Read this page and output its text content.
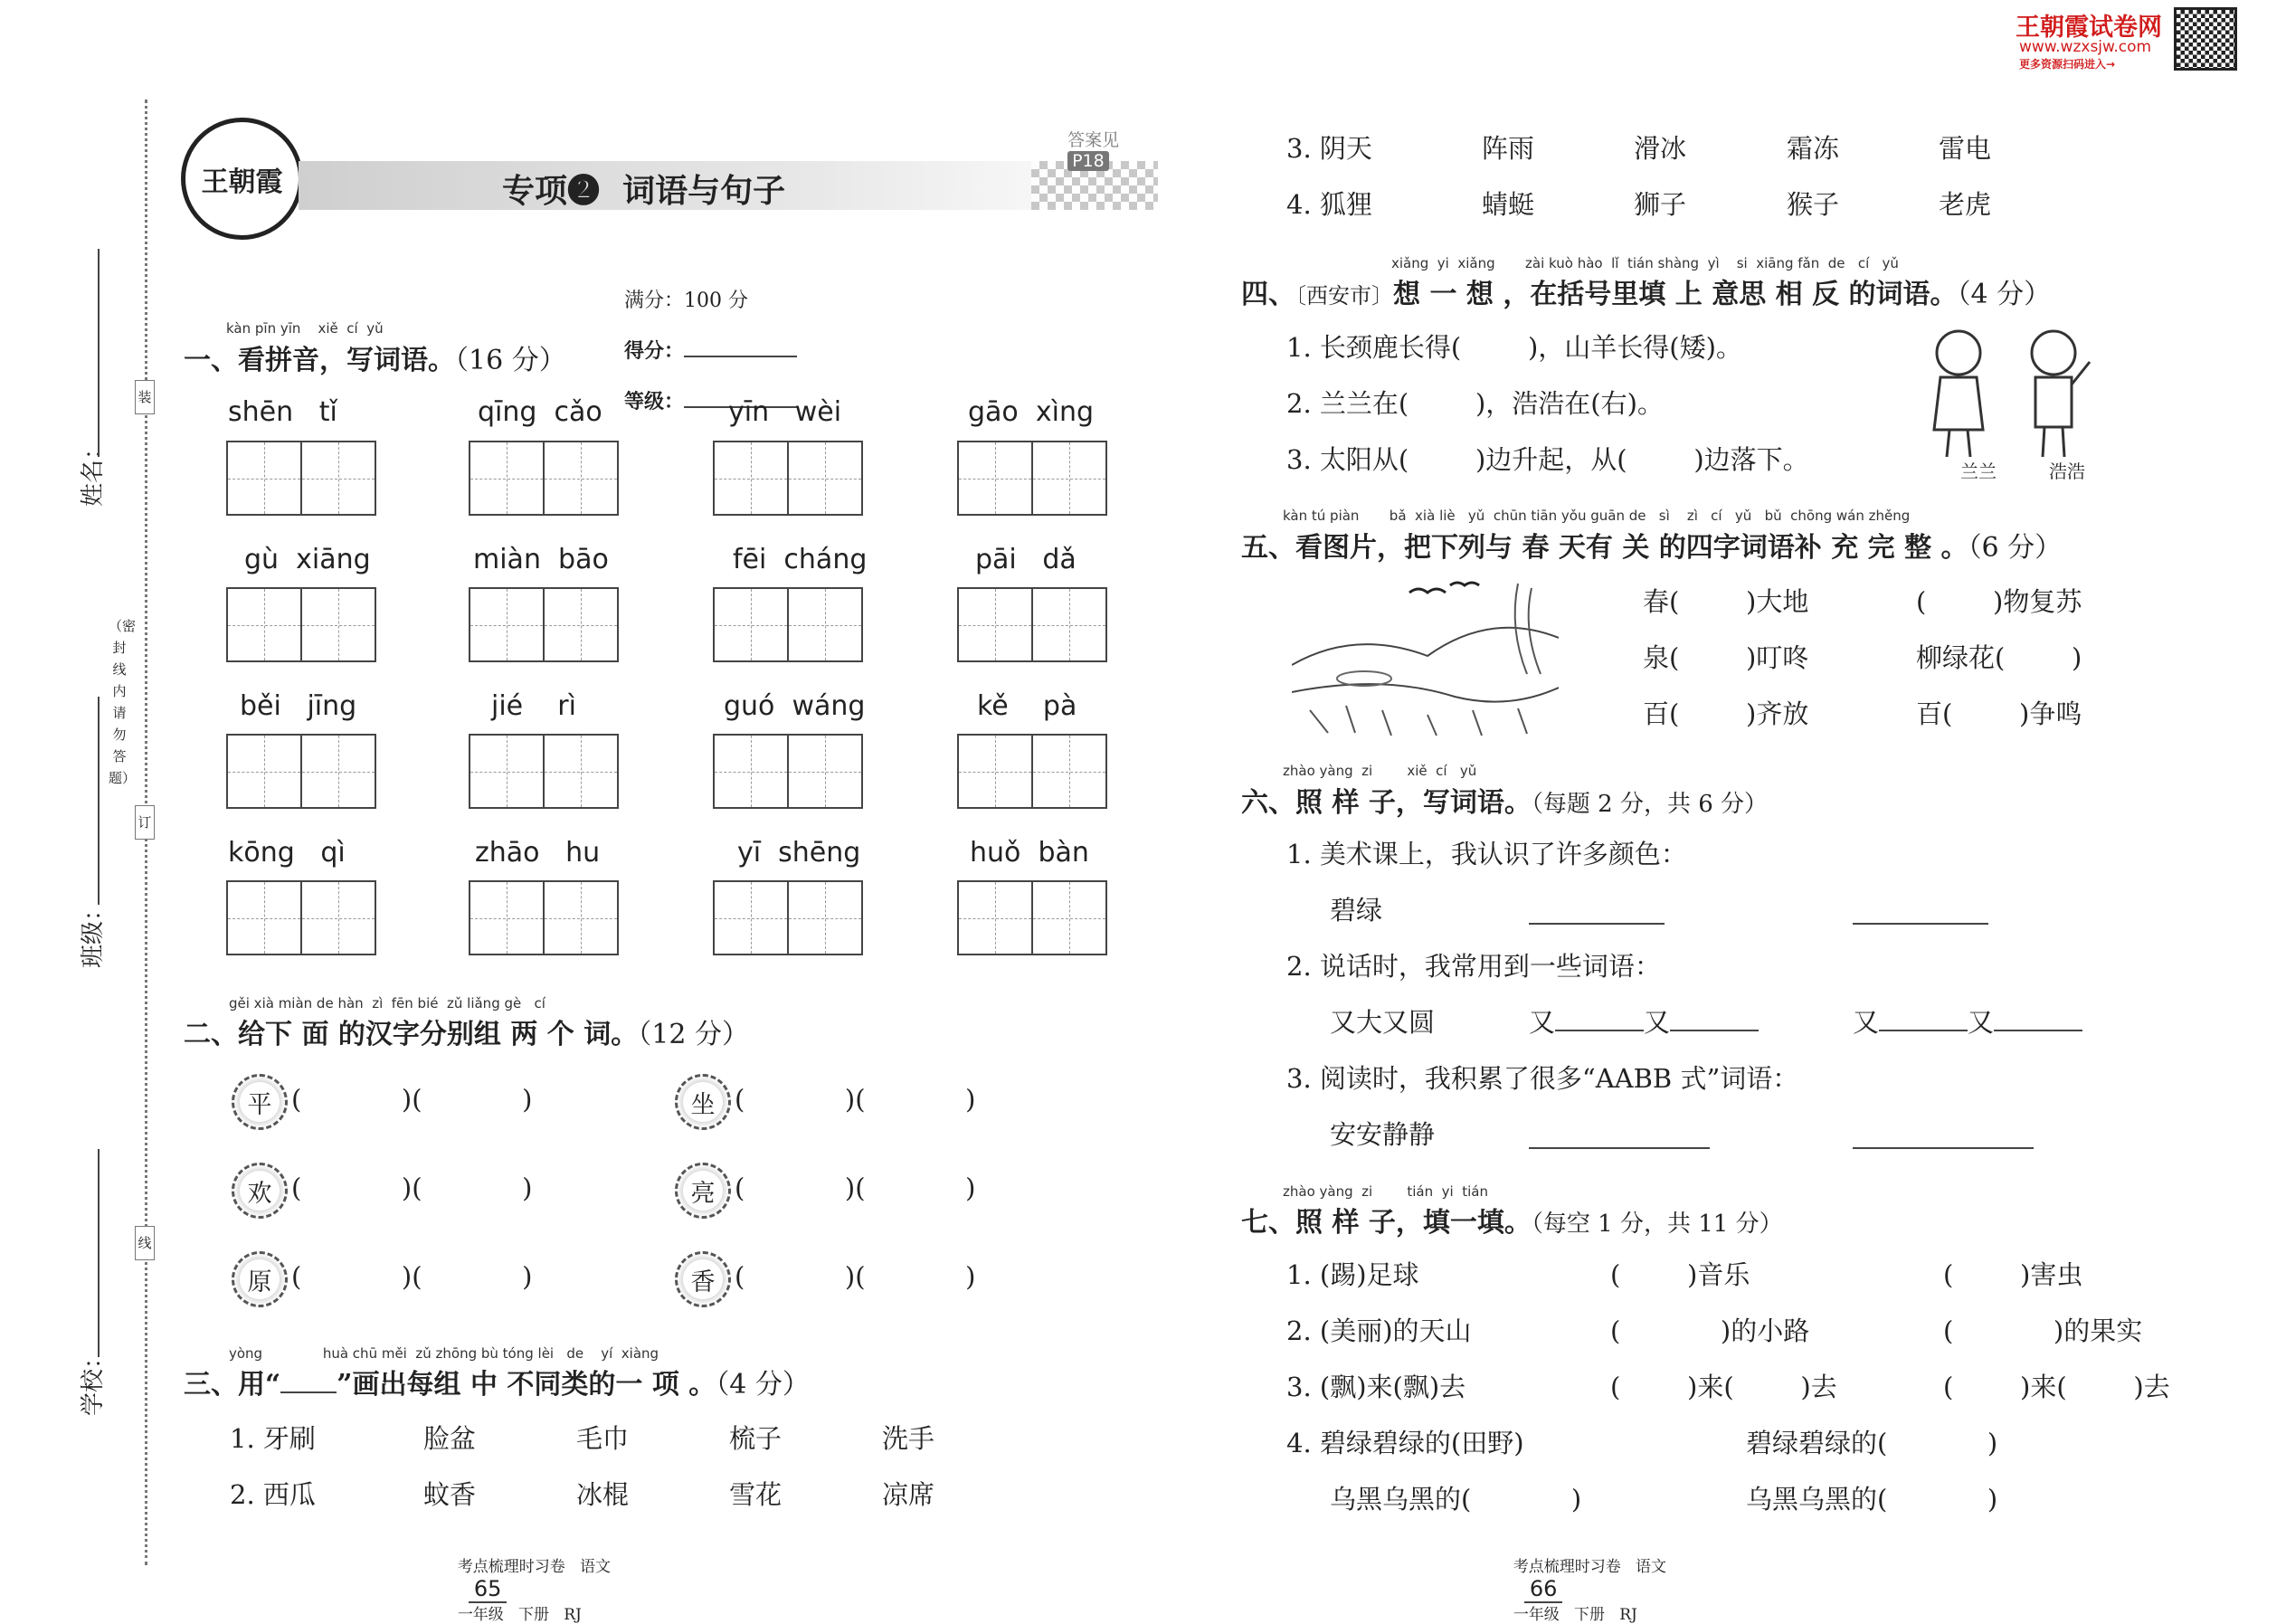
装
订
线
（密封线内请勿答题）
姓名：
班级：
学校：
王朝霞	专项❷  词语与句子

答案见
P18

满分：100 分

得分：

等级：

kàn pīn yīn    xiě  cí  yǔ
一、看拼音，写词语。（16 分）
shēn   tǐ	qīng  cǎo	yīn   wèi	gāo  xìng
gù  xiāng	miàn  bāo	fēi  cháng	pāi   dǎ
běi   jīng	jié    rì	guó  wáng	kě    pà
kōng   qì	zhāo   hu	yī  shēng	huǒ  bàn
gěi xià miàn de hàn  zì  fēn bié  zǔ liǎng gè   cí
二、给下 面 的汉字分别组 两 个 词。（12 分）
平 (            )(            )	坐 (            )(            )
欢 (            )(            )	亮 (            )(            )
原 (            )(            )	香 (            )(            )
yòng              huà chū měi  zǔ zhōng bù tóng lèi   de    yí  xiàng
三、用“ ”画出每组 中 不同类的一 项 。（4 分）
1. 牙刷	脸盆	毛巾	梳子	洗手
2. 西瓜	蚊香	冰棍	雪花	凉席

考点梳理时习卷   语文
65
一年级   下册   RJ

王朝霞试卷网
www.wzxsjw.com
更多资源扫码进入→
3. 阴天	阵雨	滑冰	霜冻	雷电
4. 狐狸	蜻蜓	狮子	猴子	老虎
xiǎng  yi  xiǎng       zài kuò hào  lǐ  tián shàng  yì    si  xiāng fǎn  de   cí   yǔ
四、〔西安市〕想 一 想 ，在括号里填 上 意思 相 反 的词语。（4 分）
1. 长颈鹿长得(        )，山羊长得(矮)。
2. 兰兰在(        )，浩浩在(右)。
3. 太阳从(        )边升起，从(        )边落下。	兰兰	浩浩
kàn tú piàn       bǎ  xià liè   yǔ  chūn tiān yǒu guān de   sì    zì   cí   yǔ   bǔ  chōng wán zhěng
五、看图片，把下列与 春 天有 关 的四字词语补 充 完 整 。（6 分）
春(        )大地	(        )物复苏
泉(        )叮咚	柳绿花(        )
百(        )齐放	百(        )争鸣
zhào yàng  zi        xiě  cí   yǔ
六、照 样 子，写词语。（每题 2 分，共 6 分）
1. 美术课上，我认识了许多颜色：
碧绿
2. 说话时，我常用到一些词语：
又大又圆	又	又	又	又
3. 阅读时，我积累了很多“AABB 式”词语：
安安静静
zhào yàng  zi        tián  yi  tián
七、照 样 子，填一填。（每空 1 分，共 11 分）
1. (踢)足球	(        )音乐	(        )害虫
2. (美丽)的天山	(            )的小路	(            )的果实
3. (飘)来(飘)去	(        )来(        )去	(        )来(        )去
4. 碧绿碧绿的(田野)	碧绿碧绿的(            )
乌黑乌黑的(            )	乌黑乌黑的(            )

考点梳理时习卷   语文
66
一年级   下册   RJ
